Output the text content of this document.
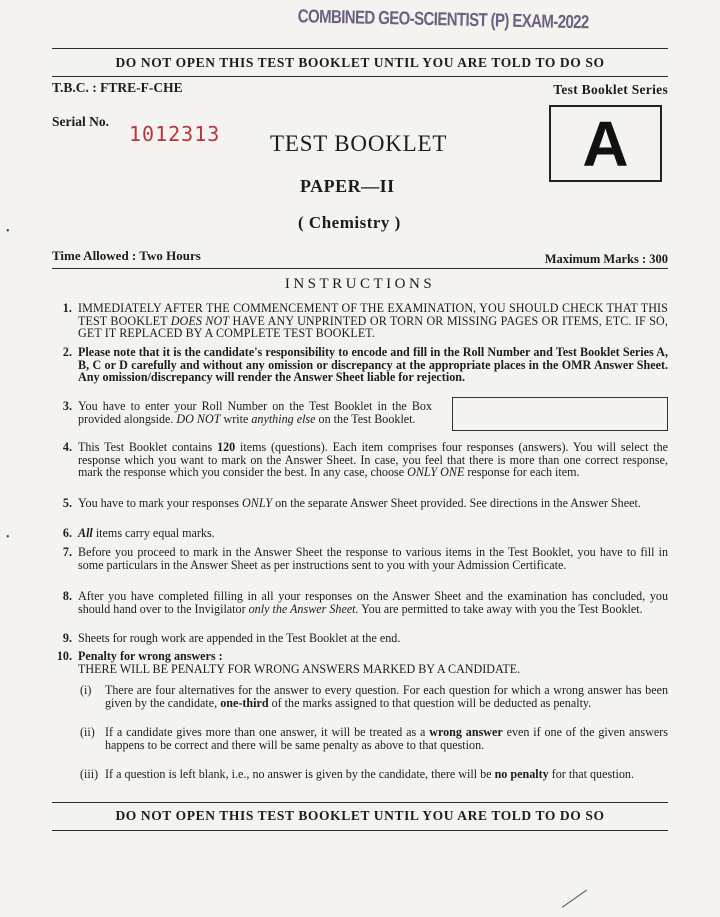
COMBINED GEO-SCIENTIST (P) EXAM-2022
DO NOT OPEN THIS TEST BOOKLET UNTIL YOU ARE TOLD TO DO SO
T.B.C. : FTRE-F-CHE	Test Booklet Series
Serial No.
1012313 TEST BOOKLET A
PAPER—II
( Chemistry )
Time Allowed : Two Hours	Maximum Marks : 300
INSTRUCTIONS
1. IMMEDIATELY AFTER THE COMMENCEMENT OF THE EXAMINATION, YOU SHOULD CHECK THAT THIS TEST BOOKLET DOES NOT HAVE ANY UNPRINTED OR TORN OR MISSING PAGES OR ITEMS, ETC. IF SO, GET IT REPLACED BY A COMPLETE TEST BOOKLET.
2. Please note that it is the candidate's responsibility to encode and fill in the Roll Number and Test Booklet Series A, B, C or D carefully and without any omission or discrepancy at the appropriate places in the OMR Answer Sheet. Any omission/discrepancy will render the Answer Sheet liable for rejection.
3. You have to enter your Roll Number on the Test Booklet in the Box provided alongside. DO NOT write anything else on the Test Booklet.
4. This Test Booklet contains 120 items (questions). Each item comprises four responses (answers). You will select the response which you want to mark on the Answer Sheet. In case, you feel that there is more than one correct response, mark the response which you consider the best. In any case, choose ONLY ONE response for each item.
5. You have to mark your responses ONLY on the separate Answer Sheet provided. See directions in the Answer Sheet.
6. All items carry equal marks.
7. Before you proceed to mark in the Answer Sheet the response to various items in the Test Booklet, you have to fill in some particulars in the Answer Sheet as per instructions sent to you with your Admission Certificate.
8. After you have completed filling in all your responses on the Answer Sheet and the examination has concluded, you should hand over to the Invigilator only the Answer Sheet. You are permitted to take away with you the Test Booklet.
9. Sheets for rough work are appended in the Test Booklet at the end.
10. Penalty for wrong answers :
THERE WILL BE PENALTY FOR WRONG ANSWERS MARKED BY A CANDIDATE.
(i) There are four alternatives for the answer to every question. For each question for which a wrong answer has been given by the candidate, one-third of the marks assigned to that question will be deducted as penalty.
(ii) If a candidate gives more than one answer, it will be treated as a wrong answer even if one of the given answers happens to be correct and there will be same penalty as above to that question.
(iii) If a question is left blank, i.e., no answer is given by the candidate, there will be no penalty for that question.
DO NOT OPEN THIS TEST BOOKLET UNTIL YOU ARE TOLD TO DO SO
•
•
